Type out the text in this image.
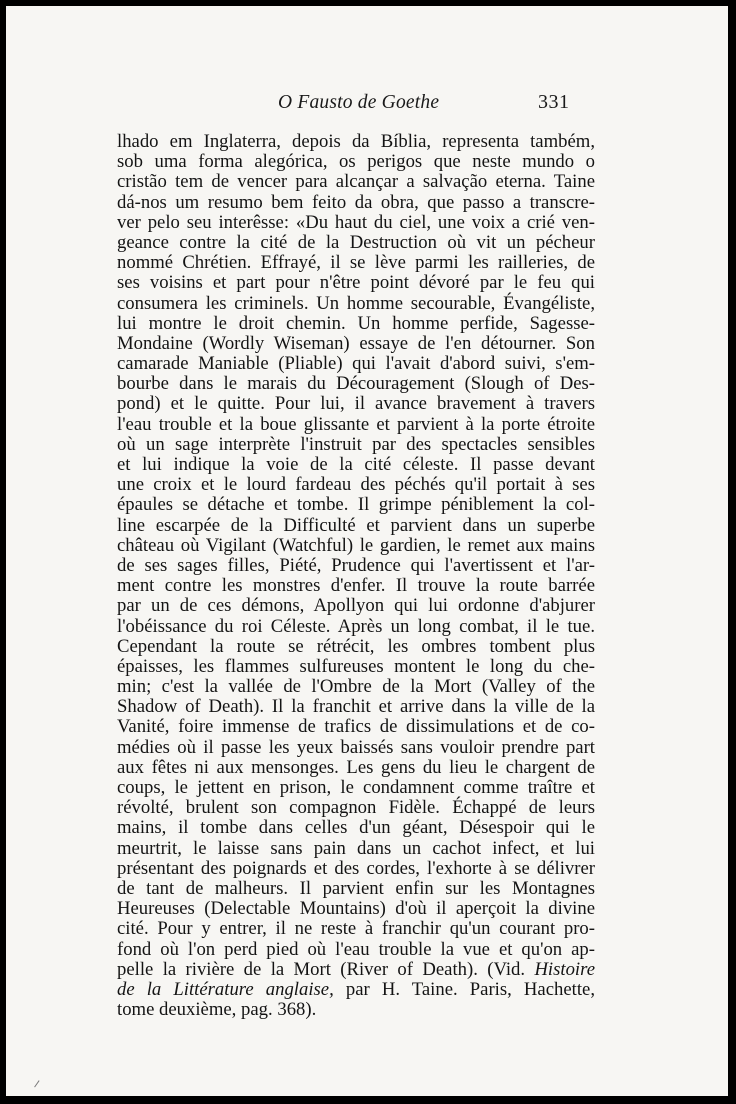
O Fausto de Goethe	331
lhado em Inglaterra, depois da Bíblia, representa também,
sob uma forma alegórica, os perigos que neste mundo o
cristão tem de vencer para alcançar a salvação eterna. Taine
dá-nos um resumo bem feito da obra, que passo a transcre-
ver pelo seu interêsse: «Du haut du ciel, une voix a crié ven-
geance contre la cité de la Destruction où vit un pécheur
nommé Chrétien. Effrayé, il se lève parmi les railleries, de
ses voisins et part pour n'être point dévoré par le feu qui
consumera les criminels. Un homme secourable, Évangéliste,
lui montre le droit chemin. Un homme perfide, Sagesse-
Mondaine (Wordly Wiseman) essaye de l'en détourner. Son
camarade Maniable (Pliable) qui l'avait d'abord suivi, s'em-
bourbe dans le marais du Découragement (Slough of Des-
pond) et le quitte. Pour lui, il avance bravement à travers
l'eau trouble et la boue glissante et parvient à la porte étroite
où un sage interprète l'instruit par des spectacles sensibles
et lui indique la voie de la cité céleste. Il passe devant
une croix et le lourd fardeau des péchés qu'il portait à ses
épaules se détache et tombe. Il grimpe péniblement la col-
line escarpée de la Difficulté et parvient dans un superbe
château où Vigilant (Watchful) le gardien, le remet aux mains
de ses sages filles, Piété, Prudence qui l'avertissent et l'ar-
ment contre les monstres d'enfer. Il trouve la route barrée
par un de ces démons, Apollyon qui lui ordonne d'abjurer
l'obéissance du roi Céleste. Après un long combat, il le tue.
Cependant la route se rétrécit, les ombres tombent plus
épaisses, les flammes sulfureuses montent le long du che-
min; c'est la vallée de l'Ombre de la Mort (Valley of the
Shadow of Death). Il la franchit et arrive dans la ville de la
Vanité, foire immense de trafics de dissimulations et de co-
médies où il passe les yeux baissés sans vouloir prendre part
aux fêtes ni aux mensonges. Les gens du lieu le chargent de
coups, le jettent en prison, le condamnent comme traître et
révolté, brulent son compagnon Fidèle. Échappé de leurs
mains, il tombe dans celles d'un géant, Désespoir qui le
meurtrit, le laisse sans pain dans un cachot infect, et lui
présentant des poignards et des cordes, l'exhorte à se délivrer
de tant de malheurs. Il parvient enfin sur les Montagnes
Heureuses (Delectable Mountains) d'où il aperçoit la divine
cité. Pour y entrer, il ne reste à franchir qu'un courant pro-
fond où l'on perd pied où l'eau trouble la vue et qu'on ap-
pelle la rivière de la Mort (River of Death). (Vid. Histoire
de la Littérature anglaise, par H. Taine. Paris, Hachette,
tome deuxième, pag. 368).
